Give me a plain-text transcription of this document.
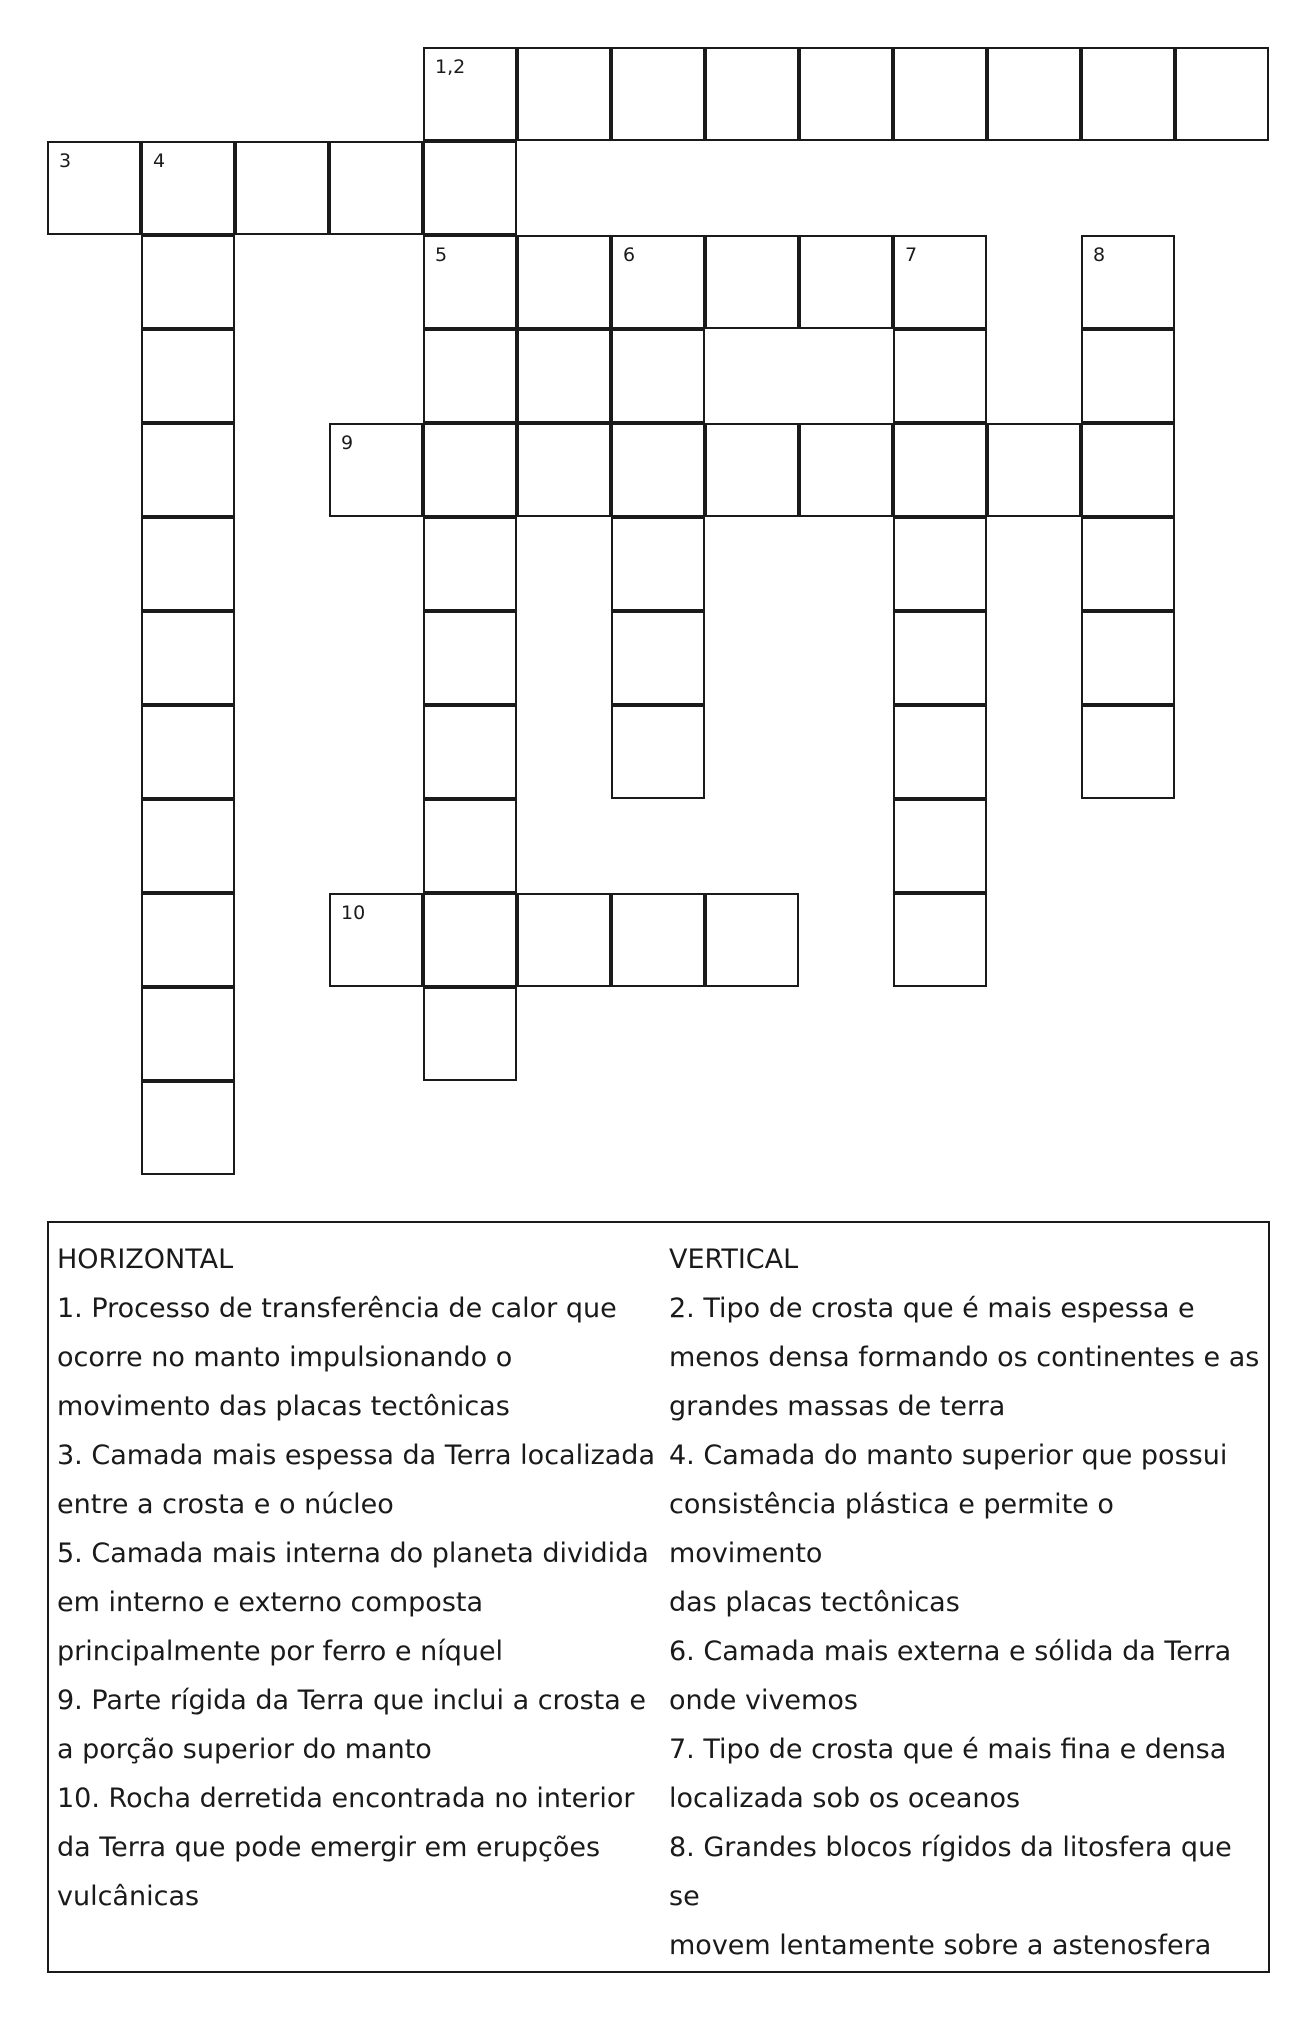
1,2
3	4
5	6	7	8
9
10
HORIZONTAL
1. Processo de transferência de calor que
ocorre no manto impulsionando o
movimento das placas tectônicas
3. Camada mais espessa da Terra localizada
entre a crosta e o núcleo
5. Camada mais interna do planeta dividida
em interno e externo composta
principalmente por ferro e níquel
9. Parte rígida da Terra que inclui a crosta e
a porção superior do manto
10. Rocha derretida encontrada no interior
da Terra que pode emergir em erupções
vulcânicas
VERTICAL
2. Tipo de crosta que é mais espessa e
menos densa formando os continentes e as
grandes massas de terra
4. Camada do manto superior que possui
consistência plástica e permite o movimento
das placas tectônicas
6. Camada mais externa e sólida da Terra
onde vivemos
7. Tipo de crosta que é mais fina e densa
localizada sob os oceanos
8. Grandes blocos rígidos da litosfera que se
movem lentamente sobre a astenosfera
